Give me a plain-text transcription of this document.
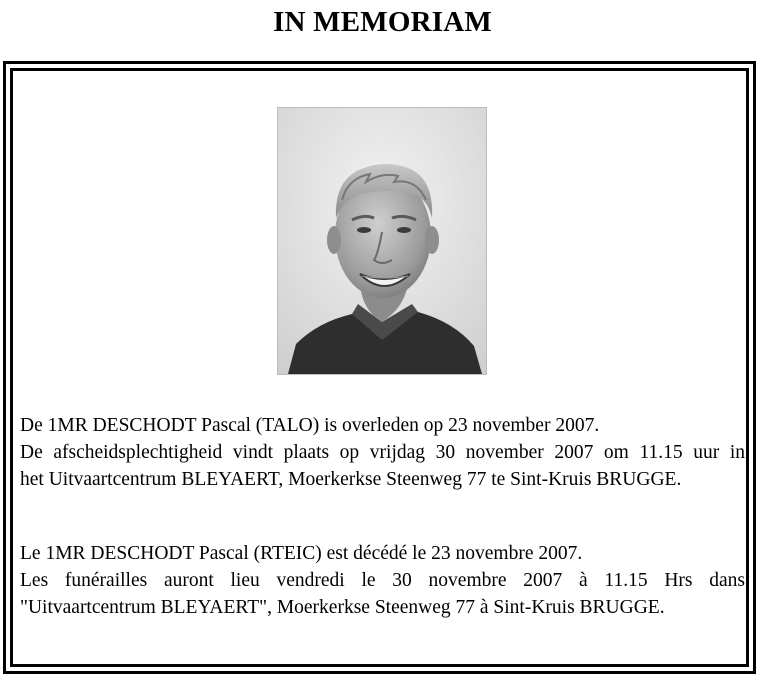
IN MEMORIAM
De 1MR DESCHODT Pascal (TALO) is overleden op 23 november 2007.
De afscheidsplechtigheid vindt plaats op vrijdag 30 november 2007 om 11.15 uur in
het Uitvaartcentrum BLEYAERT, Moerkerkse Steenweg 77 te Sint-Kruis BRUGGE.
Le 1MR DESCHODT Pascal (RTEIC) est décédé le 23 novembre 2007.
Les funérailles auront lieu vendredi le 30 novembre 2007 à 11.15 Hrs dans
"Uitvaartcentrum BLEYAERT", Moerkerkse Steenweg 77 à Sint-Kruis BRUGGE.
